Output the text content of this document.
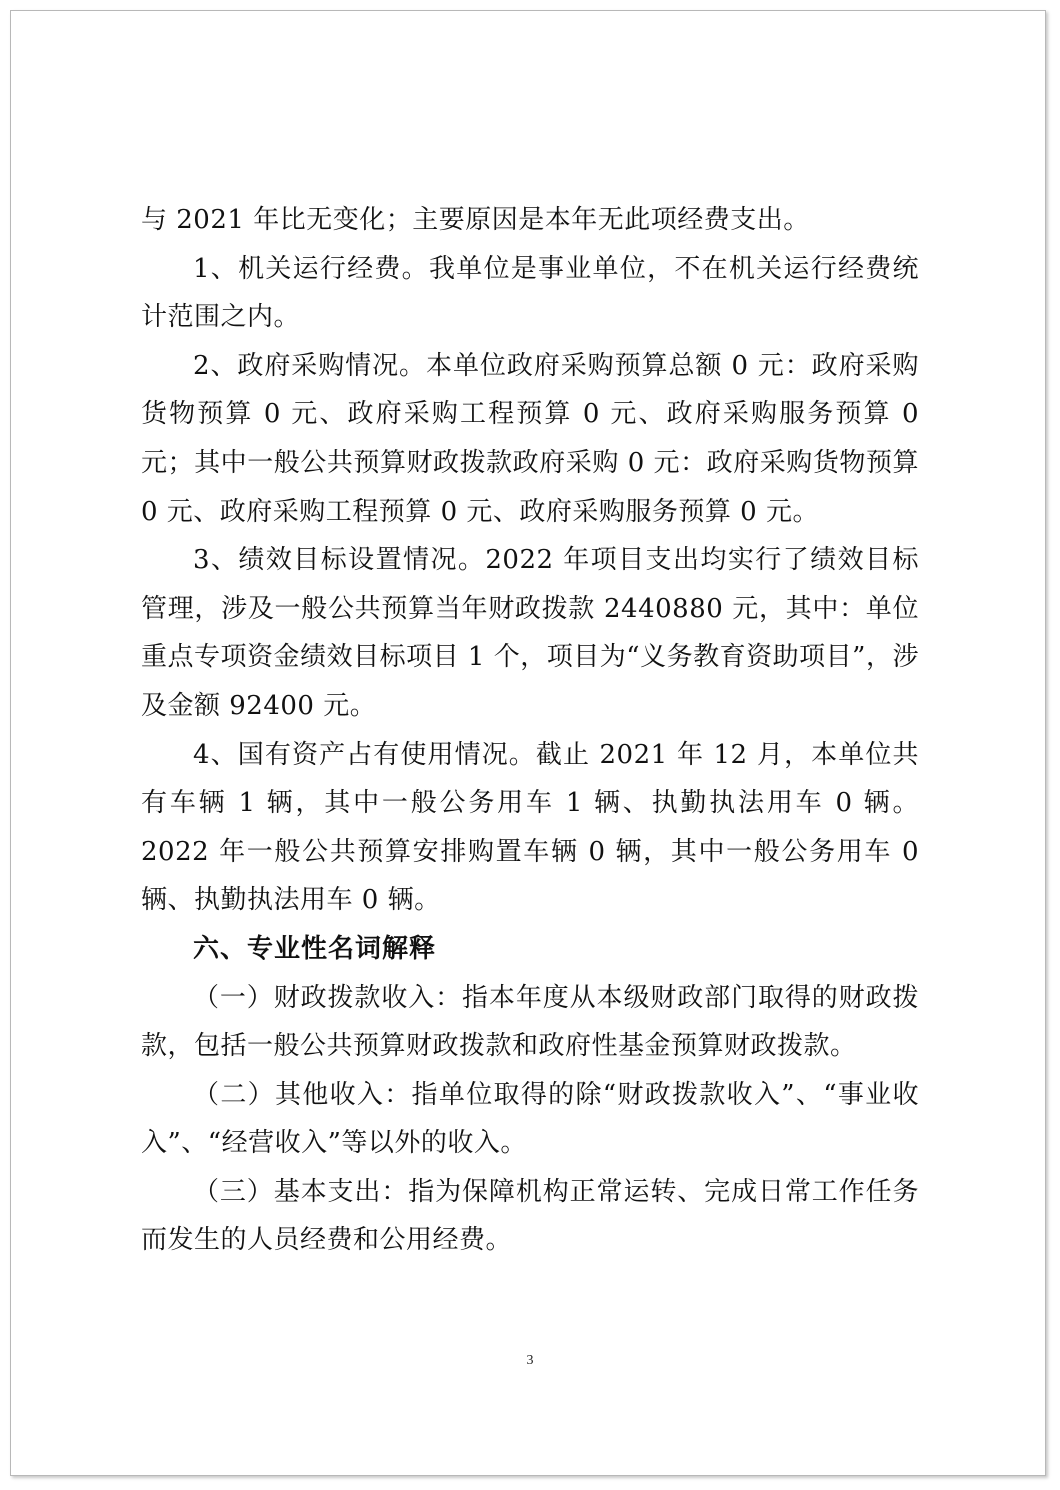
与 2021 年比无变化；主要原因是本年无此项经费支出。

1、机关运行经费。我单位是事业单位，不在机关运行经费统计范围之内。

2、政府采购情况。本单位政府采购预算总额 0 元：政府采购货物预算 0 元、政府采购工程预算 0 元、政府采购服务预算 0 元；其中一般公共预算财政拨款政府采购 0 元：政府采购货物预算 0 元、政府采购工程预算 0 元、政府采购服务预算 0 元。

3、绩效目标设置情况。2022 年项目支出均实行了绩效目标管理，涉及一般公共预算当年财政拨款 2440880 元，其中：单位重点专项资金绩效目标项目 1 个，项目为“义务教育资助项目”，涉及金额 92400 元。

4、国有资产占有使用情况。截止 2021 年 12 月，本单位共有车辆 1 辆，其中一般公务用车 1 辆、执勤执法用车 0 辆。2022 年一般公共预算安排购置车辆 0 辆，其中一般公务用车 0 辆、执勤执法用车 0 辆。

六、专业性名词解释

（一）财政拨款收入：指本年度从本级财政部门取得的财政拨款，包括一般公共预算财政拨款和政府性基金预算财政拨款。

（二）其他收入：指单位取得的除“财政拨款收入”、“事业收入”、“经营收入”等以外的收入。

（三）基本支出：指为保障机构正常运转、完成日常工作任务而发生的人员经费和公用经费。

3
